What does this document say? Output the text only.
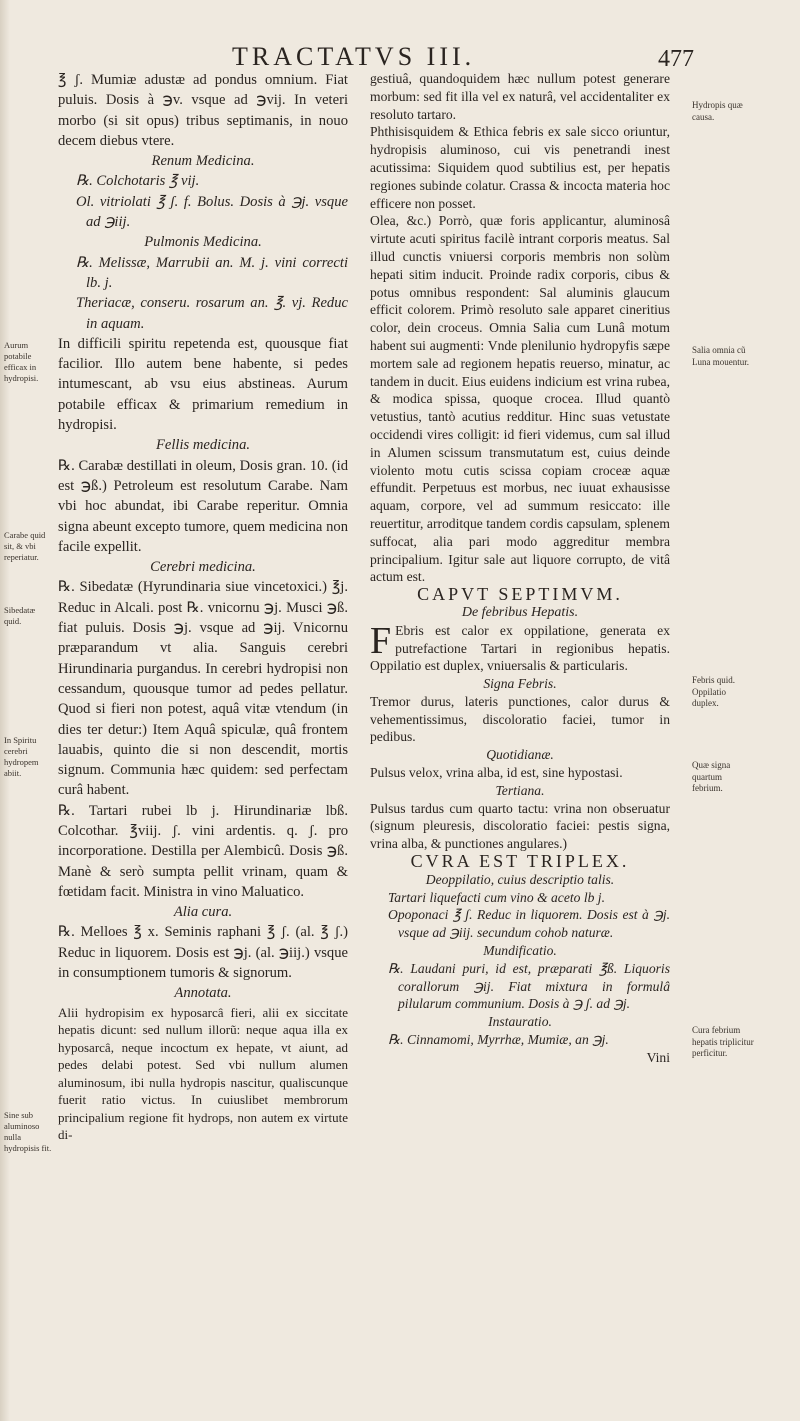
TRACTATVS III.	477

℥ ʃ. Mumiæ adustæ ad pondus omnium. Fiat puluis. Dosis à ℈v. vsque ad ℈vij. In veteri morbo (si sit opus) tribus septimanis, in nouo decem diebus vtere.

Renum Medicina.

℞. Colchotaris ℥ vij.

Ol. vitriolati ℥ ʃ. f. Bolus. Dosis à ℈j. vsque ad ℈iij.

Pulmonis Medicina.

℞. Melissæ, Marrubii an. M. j. vini correcti lb. j.

Theriacæ, conseru. rosarum an. ℥. vj. Reduc in aquam.

In difficili spiritu repetenda est, quousque fiat facilior. Illo autem bene habente, si pedes intumescant, ab vsu eius abstineas. Aurum potabile efficax & primarium remedium in hydropisi.

Fellis medicina.

℞. Carabæ destillati in oleum, Dosis gran. 10. (id est ℈ß.) Petroleum est resolutum Carabe. Nam vbi hoc abundat, ibi Carabe reperitur. Omnia signa abeunt excepto tumore, quem medicina non facile expellit.

Cerebri medicina.

℞. Sibedatæ (Hyrundinaria siue vincetoxici.) ℥j. Reduc in Alcali. post ℞. vnicornu ℈j. Musci ℈ß. fiat puluis. Dosis ℈j. vsque ad ℈ij. Vnicornu præparandum vt alia. Sanguis cerebri Hirundinaria purgandus. In cerebri hydropisi non cessandum, quousque tumor ad pedes pellatur. Quod si fieri non potest, aquâ vitæ vtendum (in dies ter detur:) Item Aquâ spiculæ, quâ frontem lauabis, quinto die si non descendit, mortis signum. Communia hæc quidem: sed perfectam curâ habent.

℞. Tartari rubei lb j. Hirundinariæ lbß. Colcothar. ℥viij. ʃ. vini ardentis. q. ʃ. pro incorporatione. Destilla per Alembicû. Dosis ℈ß. Manè & serò sumpta pellit vrinam, quam & fœtidam facit. Ministra in vino Maluatico.

Alia cura.

℞. Melloes ℥ x. Seminis raphani ℥ ʃ. (al. ℥ ʃ.) Reduc in liquorem. Dosis est ℈j. (al. ℈iij.) vsque in consumptionem tumoris & signorum.

Annotata.

Alii hydropisim ex hyposarcâ fieri, alii ex siccitate hepatis dicunt: sed nullum illorũ: neque aqua illa ex hyposarcâ, neque incoctum ex hepate, vt aiunt, ad pedes delabi potest. Sed vbi nullum alumen aluminosum, ibi nulla hydropis nascitur, qualiscunque fuerit ratio victus. In cuiuslibet membrorum principalium regione fit hydrops, non autem ex virtute di-

gestiuâ, quandoquidem hæc nullum potest generare morbum: sed fit illa vel ex naturâ, vel accidentaliter ex resoluto tartaro.

Phthisisquidem & Ethica febris ex sale sicco oriuntur, hydropisis aluminoso, cui vis penetrandi inest acutissima: Siquidem quod subtilius est, per hepatis regiones subinde colatur. Crassa & incocta materia hoc efficere non posset.

Olea, &c.) Porrò, quæ foris applicantur, aluminosâ virtute acuti spiritus facilè intrant corporis meatus. Sal illud cunctis vniuersi corporis membris non solùm hepati sitim inducit. Proinde radix corporis, cibus & potus omnibus respondent: Sal aluminis glaucum efficit colorem. Primò resoluto sale apparet cineritius color, dein croceus. Omnia Salia cum Lunâ motum habent sui augmenti: Vnde plenilunio hydropyfis sæpe mortem sale ad regionem hepatis reuerso, minatur, ac tandem in ducit. Eius euidens indicium est vrina rubea, & modica spissa, quoque crocea. Illud quantò vetustius, tantò acutius redditur. Hinc suas vetustate occidendi vires colligit: id fieri videmus, cum sal illud in Alumen scissum transmutatum est, cuius deinde violento motu cutis scissa copiam croceæ aquæ effundit. Perpetuus est morbus, nec iuuat exhausisse aquam, corpore, vel ad summum resiccato: ille reuertitur, arroditque tandem cordis capsulam, splenem suffocat, alia pari modo aggreditur membra principalium. Igitur sale aut liquore corrupto, de vitâ actum est.

CAPVT SEPTIMVM.

De febribus Hepatis.

F Ebris est calor ex oppilatione, generata ex putrefactione Tartari in regionibus hepatis. Oppilatio est duplex, vniuersalis & particularis.

Signa Febris.

Tremor durus, lateris punctiones, calor durus & vehementissimus, discoloratio faciei, tumor in pedibus.

Quotidianæ.

Pulsus velox, vrina alba, id est, sine hypostasi.

Tertiana.

Pulsus tardus cum quarto tactu: vrina non obseruatur (signum pleuresis, discoloratio faciei: pestis signa, vrina alba, & punctiones angulares.)

CVRA EST TRIPLEX.

Deoppilatio, cuius descriptio talis.

Tartari liquefacti cum vino & aceto lb j.

Opoponaci ℥ ʃ. Reduc in liquorem. Dosis est à ℈j. vsque ad ℈iij. secundum cohob naturæ.

Mundificatio.

℞. Laudani puri, id est, præparati ℥ß. Liquoris corallorum ℈ij. Fiat mixtura in formulâ pilularum communium. Dosis à ℈ ʃ. ad ℈j.

Instauratio.

℞. Cinnamomi, Myrrhæ, Mumiæ, an ℈j.

Vini

Aurum potabile efficax in hydropisi.
Carabe quid sit, & vbi reperiatur.
Sibedatæ quid.
In Spiritu cerebri hydropem abiit.
Sine sub aluminoso nulla hydropisis fit.
Hydropis quæ causa.
Salia omnia cũ Luna mouentur.
Febris quid. Oppilatio duplex.
Quæ signa quartum febrium.
Cura febrium hepatis triplicitur perficitur.
